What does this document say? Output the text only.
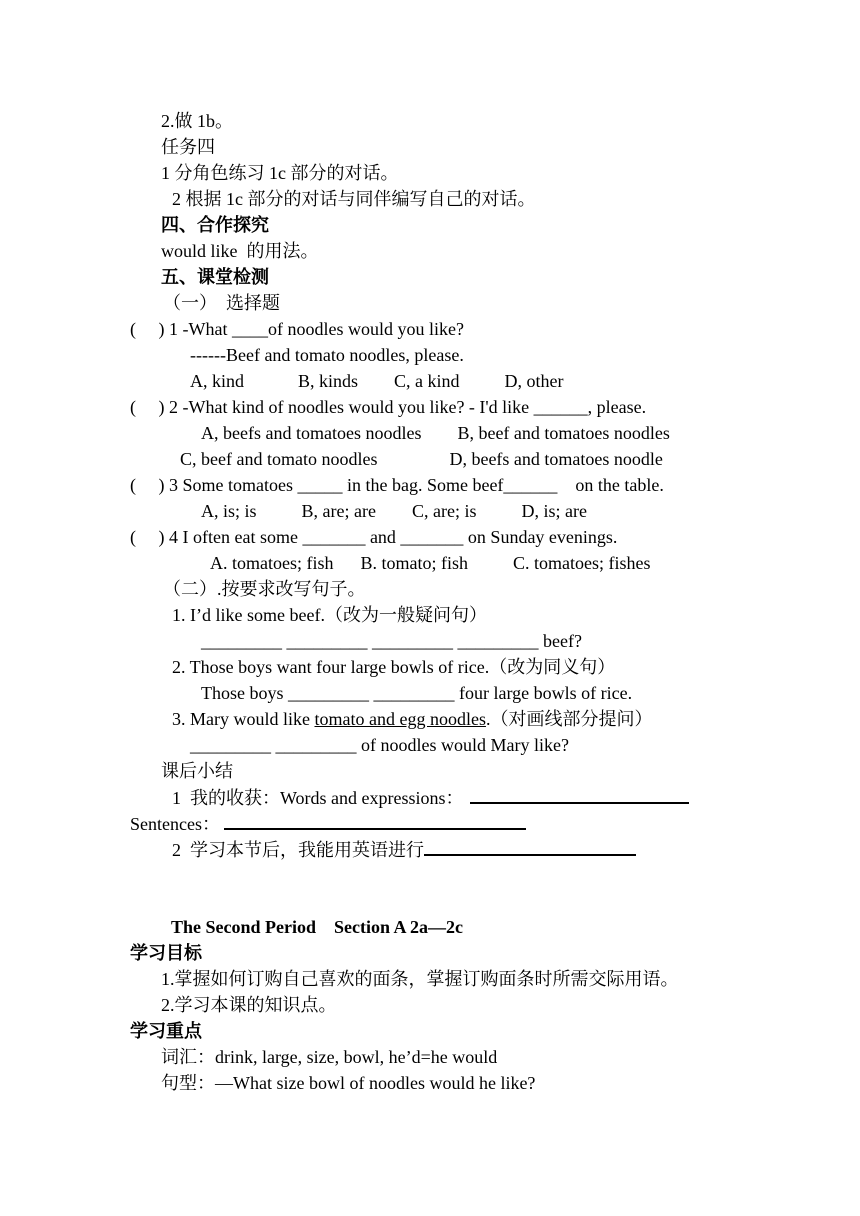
2.做 1b。
任务四
1 分角色练习 1c 部分的对话。
2 根据 1c 部分的对话与同伴编写自己的对话。
四、合作探究
would like  的用法。
五、课堂检测
（一）  选择题
(     ) 1 -What ____of noodles would you like?
------Beef and tomato noodles, please.
A, kind            B, kinds        C, a kind          D, other
(     ) 2 -What kind of noodles would you like? - I'd like ______, please.
A, beefs and tomatoes noodles        B, beef and tomatoes noodles
C, beef and tomato noodles                D, beefs and tomatoes noodle
(     ) 3 Some tomatoes _____ in the bag. Some beef______    on the table.
A, is; is          B, are; are        C, are; is          D, is; are
(     ) 4 I often eat some _______ and _______ on Sunday evenings.
A. tomatoes; fish      B. tomato; fish          C. tomatoes; fishes
（二）.按要求改写句子。
1. I’d like some beef.（改为一般疑问句）
_________ _________ _________ _________ beef?
2. Those boys want four large bowls of rice.（改为同义句）
Those boys _________ _________ four large bowls of rice.
3. Mary would like tomato and egg noodles.（对画线部分提问）
_________ _________ of noodles would Mary like?
课后小结
1  我的收获：Words and expressions：
Sentences：
2  学习本节后，我能用英语进行
The Second Period    Section A 2a—2c
学习目标
1.掌握如何订购自己喜欢的面条，掌握订购面条时所需交际用语。
2.学习本课的知识点。
学习重点
词汇：drink, large, size, bowl, he’d=he would
句型：—What size bowl of noodles would he like?
